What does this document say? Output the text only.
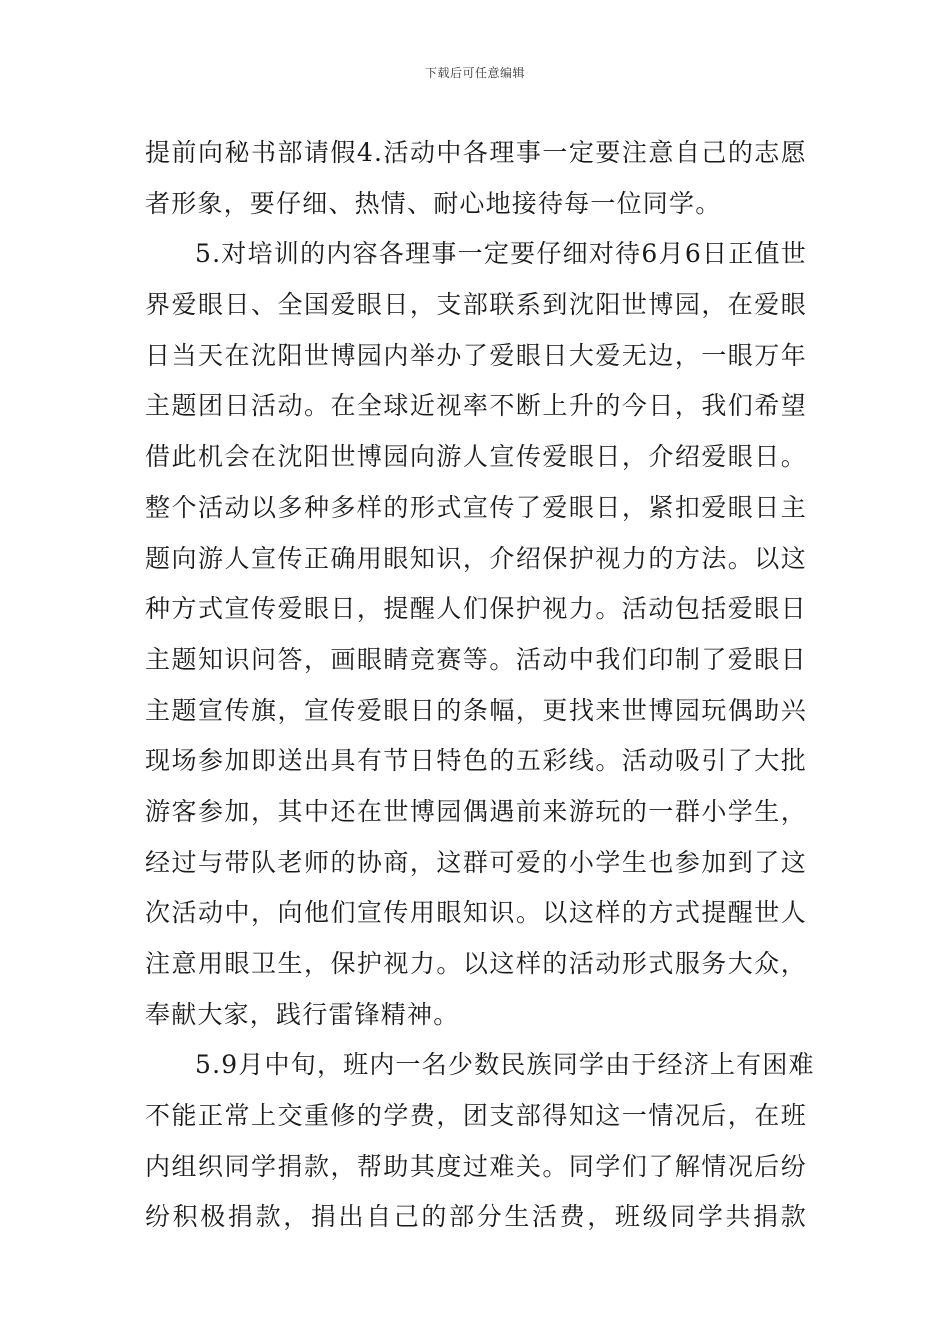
下载后可任意编辑
提前向秘书部请假4.活动中各理事一定要注意自己的志愿
者形象，要仔细、热情、耐心地接待每一位同学。
5.对培训的内容各理事一定要仔细对待6月6日正值世
界爱眼日、全国爱眼日，支部联系到沈阳世博园，在爱眼
日当天在沈阳世博园内举办了爱眼日大爱无边，一眼万年
主题团日活动。在全球近视率不断上升的今日，我们希望
借此机会在沈阳世博园向游人宣传爱眼日，介绍爱眼日。
整个活动以多种多样的形式宣传了爱眼日，紧扣爱眼日主
题向游人宣传正确用眼知识，介绍保护视力的方法。以这
种方式宣传爱眼日，提醒人们保护视力。活动包括爱眼日
主题知识问答，画眼睛竞赛等。活动中我们印制了爱眼日
主题宣传旗，宣传爱眼日的条幅，更找来世博园玩偶助兴
现场参加即送出具有节日特色的五彩线。活动吸引了大批
游客参加，其中还在世博园偶遇前来游玩的一群小学生，
经过与带队老师的协商，这群可爱的小学生也参加到了这
次活动中，向他们宣传用眼知识。以这样的方式提醒世人
注意用眼卫生，保护视力。以这样的活动形式服务大众，
奉献大家，践行雷锋精神。
5.9月中旬，班内一名少数民族同学由于经济上有困难
不能正常上交重修的学费，团支部得知这一情况后，在班
内组织同学捐款，帮助其度过难关。同学们了解情况后纷
纷积极捐款，捐出自己的部分生活费，班级同学共捐款
